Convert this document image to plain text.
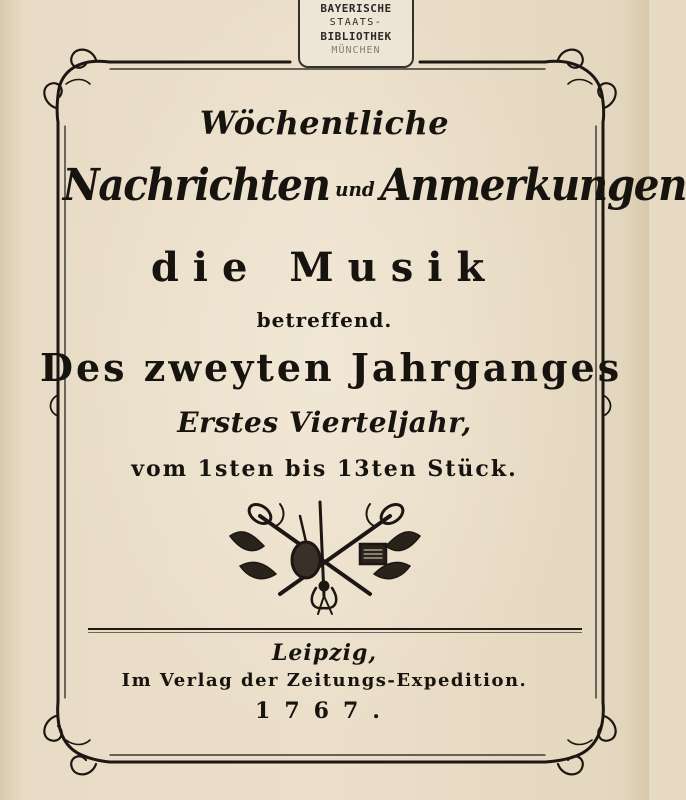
BAYERISCHE
STAATS-
BIBLIOTHEK
MÜNCHEN
Wöchentliche
Nachrichten und Anmerkungen
die Musik
betreffend.
Des zweyten Jahrganges
Erstes Vierteljahr,
vom 1sten bis 13ten Stück.
Leipzig,
Im Verlag der Zeitungs-Expedition.
1767.
